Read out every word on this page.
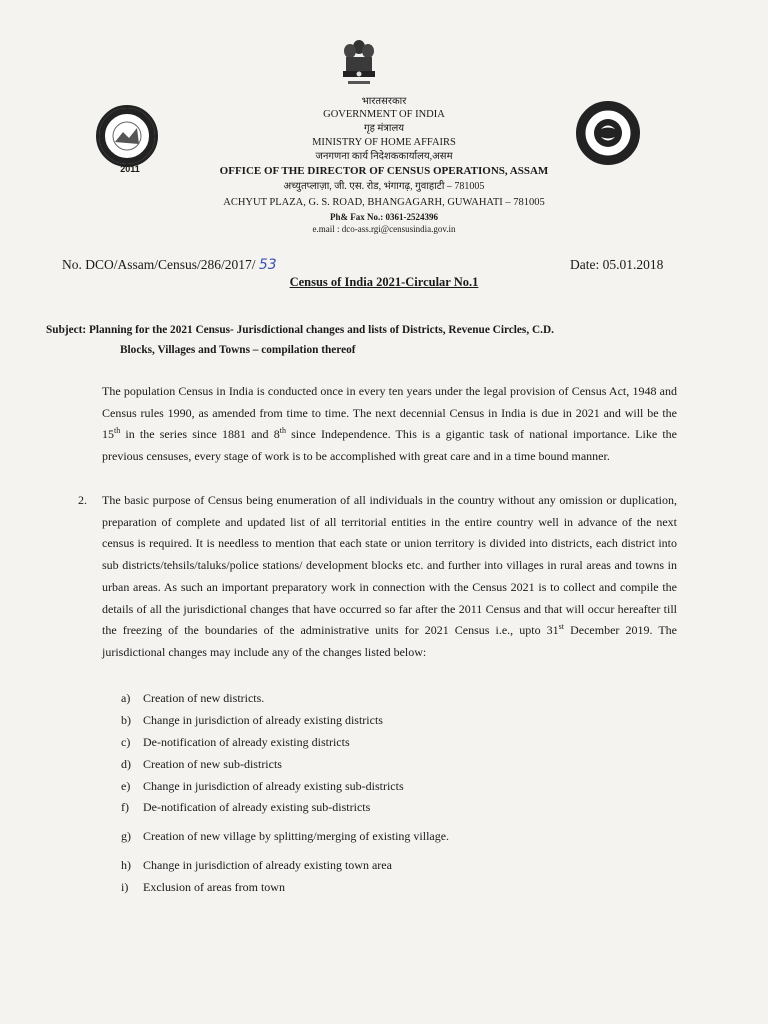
2011
भारतसरकार
GOVERNMENT OF INDIA
गृह मंत्रालय
MINISTRY OF HOME AFFAIRS
जनगणना कार्य निदेशककार्यालय,असम
OFFICE OF THE DIRECTOR OF CENSUS OPERATIONS, ASSAM
अच्युतप्लाज़ा, जी. एस. रोड, भंगागढ़, गुवाहाटी – 781005
ACHYUT PLAZA, G. S. ROAD, BHANGAGARH, GUWAHATI – 781005
Ph& Fax No.: 0361-2524396
e.mail : dco-ass.rgi@censusindia.gov.in
No. DCO/Assam/Census/286/2017/ 53	Date: 05.01.2018
Census of India 2021-Circular No.1
Subject: Planning for the 2021 Census- Jurisdictional changes and lists of Districts, Revenue Circles, C.D.
Blocks, Villages and Towns – compilation thereof
The population Census in India is conducted once in every ten years under the legal provision of Census Act, 1948 and Census rules 1990, as amended from time to time. The next decennial Census in India is due in 2021 and will be the 15th in the series since 1881 and 8th since Independence. This is a gigantic task of national importance. Like the previous censuses, every stage of work is to be accomplished with great care and in a time bound manner.
2. The basic purpose of Census being enumeration of all individuals in the country without any omission or duplication, preparation of complete and updated list of all territorial entities in the entire country well in advance of the next census is required. It is needless to mention that each state or union territory is divided into districts, each district into sub districts/tehsils/taluks/police stations/ development blocks etc. and further into villages in rural areas and towns in urban areas. As such an important preparatory work in connection with the Census 2021 is to collect and compile the details of all the jurisdictional changes that have occurred so far after the 2011 Census and that will occur hereafter till the freezing of the boundaries of the administrative units for 2021 Census i.e., upto 31st December 2019. The jurisdictional changes may include any of the changes listed below:
a) Creation of new districts.
b) Change in jurisdiction of already existing districts
c) De-notification of already existing districts
d) Creation of new sub-districts
e) Change in jurisdiction of already existing sub-districts
f) De-notification of already existing sub-districts
g) Creation of new village by splitting/merging of existing village.
h) Change in jurisdiction of already existing town area
i) Exclusion of areas from town
